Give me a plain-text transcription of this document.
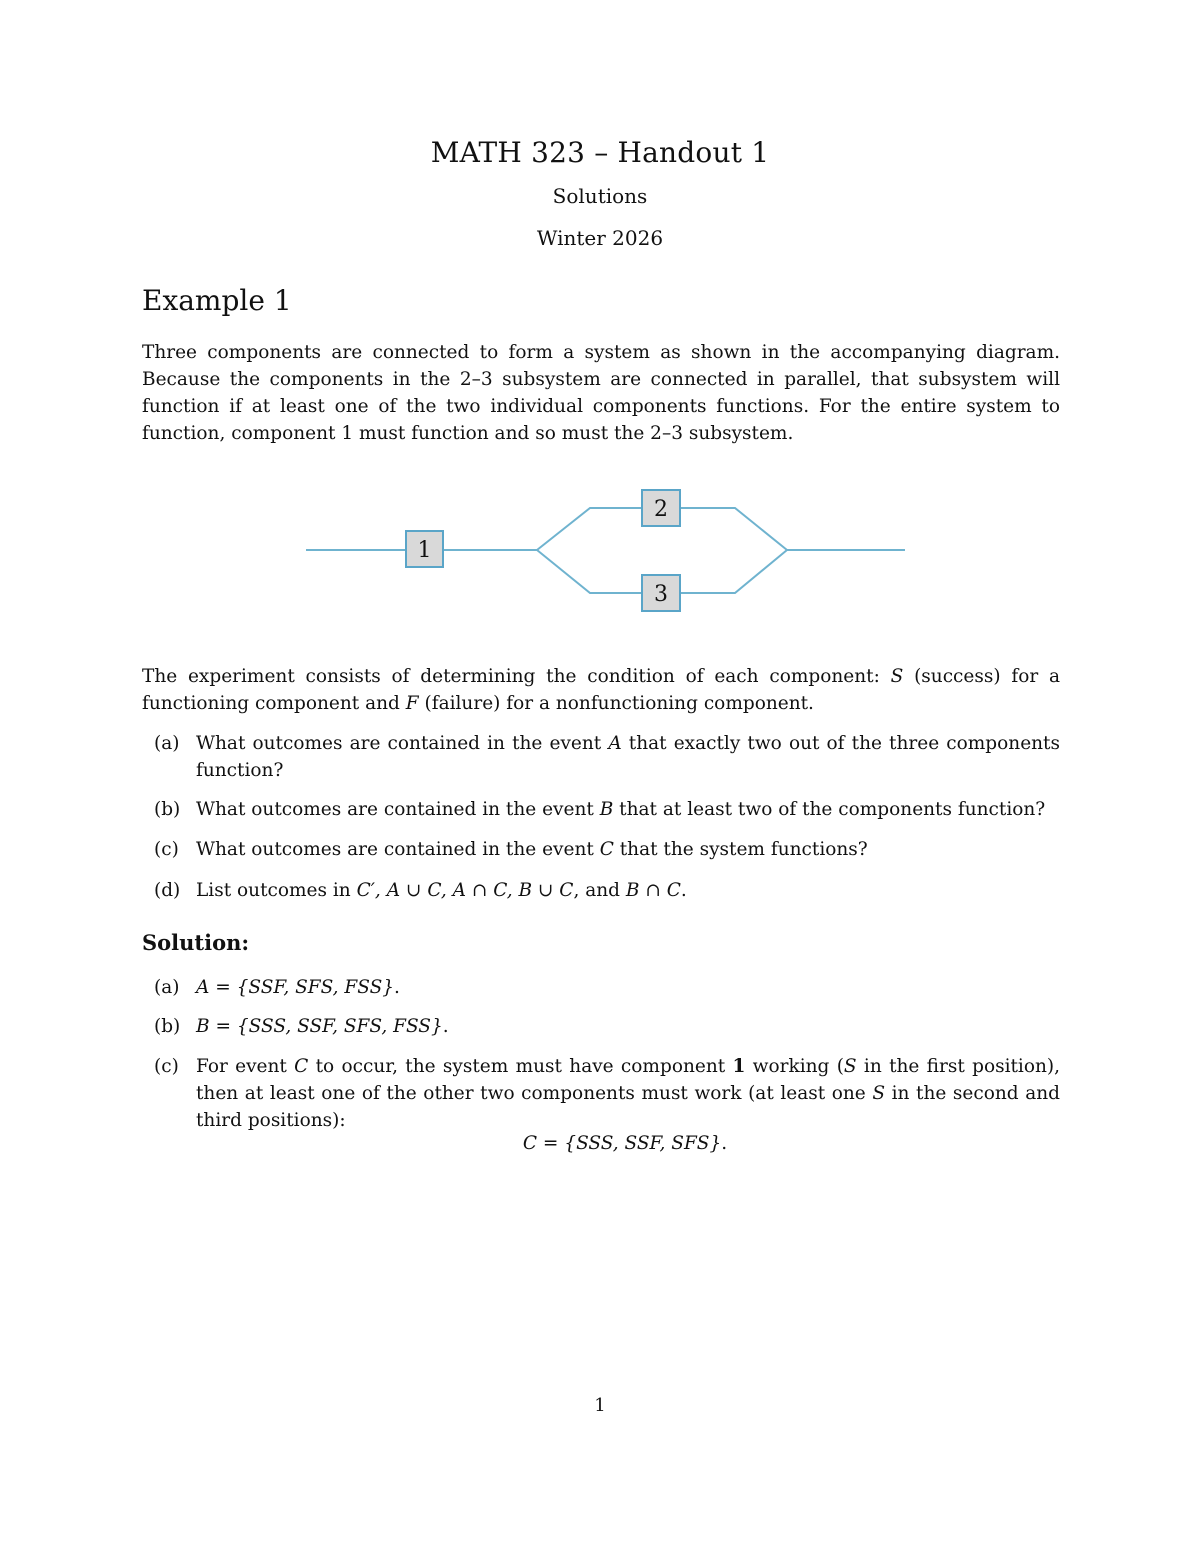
MATH 323 – Handout 1
Solutions
Winter 2026
Example 1
Three components are connected to form a system as shown in the accompanying diagram. Because the components in the 2–3 subsystem are connected in parallel, that subsystem will function if at least one of the two individual components functions. For the entire system to function, component 1 must function and so must the 2–3 subsystem.
1
2
3
The experiment consists of determining the condition of each component: S (success) for a functioning component and F (failure) for a nonfunctioning component.
(a) What outcomes are contained in the event A that exactly two out of the three components function?
(b) What outcomes are contained in the event B that at least two of the components function?
(c) What outcomes are contained in the event C that the system functions?
(d) List outcomes in C′, A ∪ C, A ∩ C, B ∪ C, and B ∩ C.
Solution:
(a) A = {SSF, SFS, FSS}.
(b) B = {SSS, SSF, SFS, FSS}.
(c) For event C to occur, the system must have component 1 working (S in the first position), then at least one of the other two components must work (at least one S in the second and third positions):
C = {SSS, SSF, SFS}.
1
